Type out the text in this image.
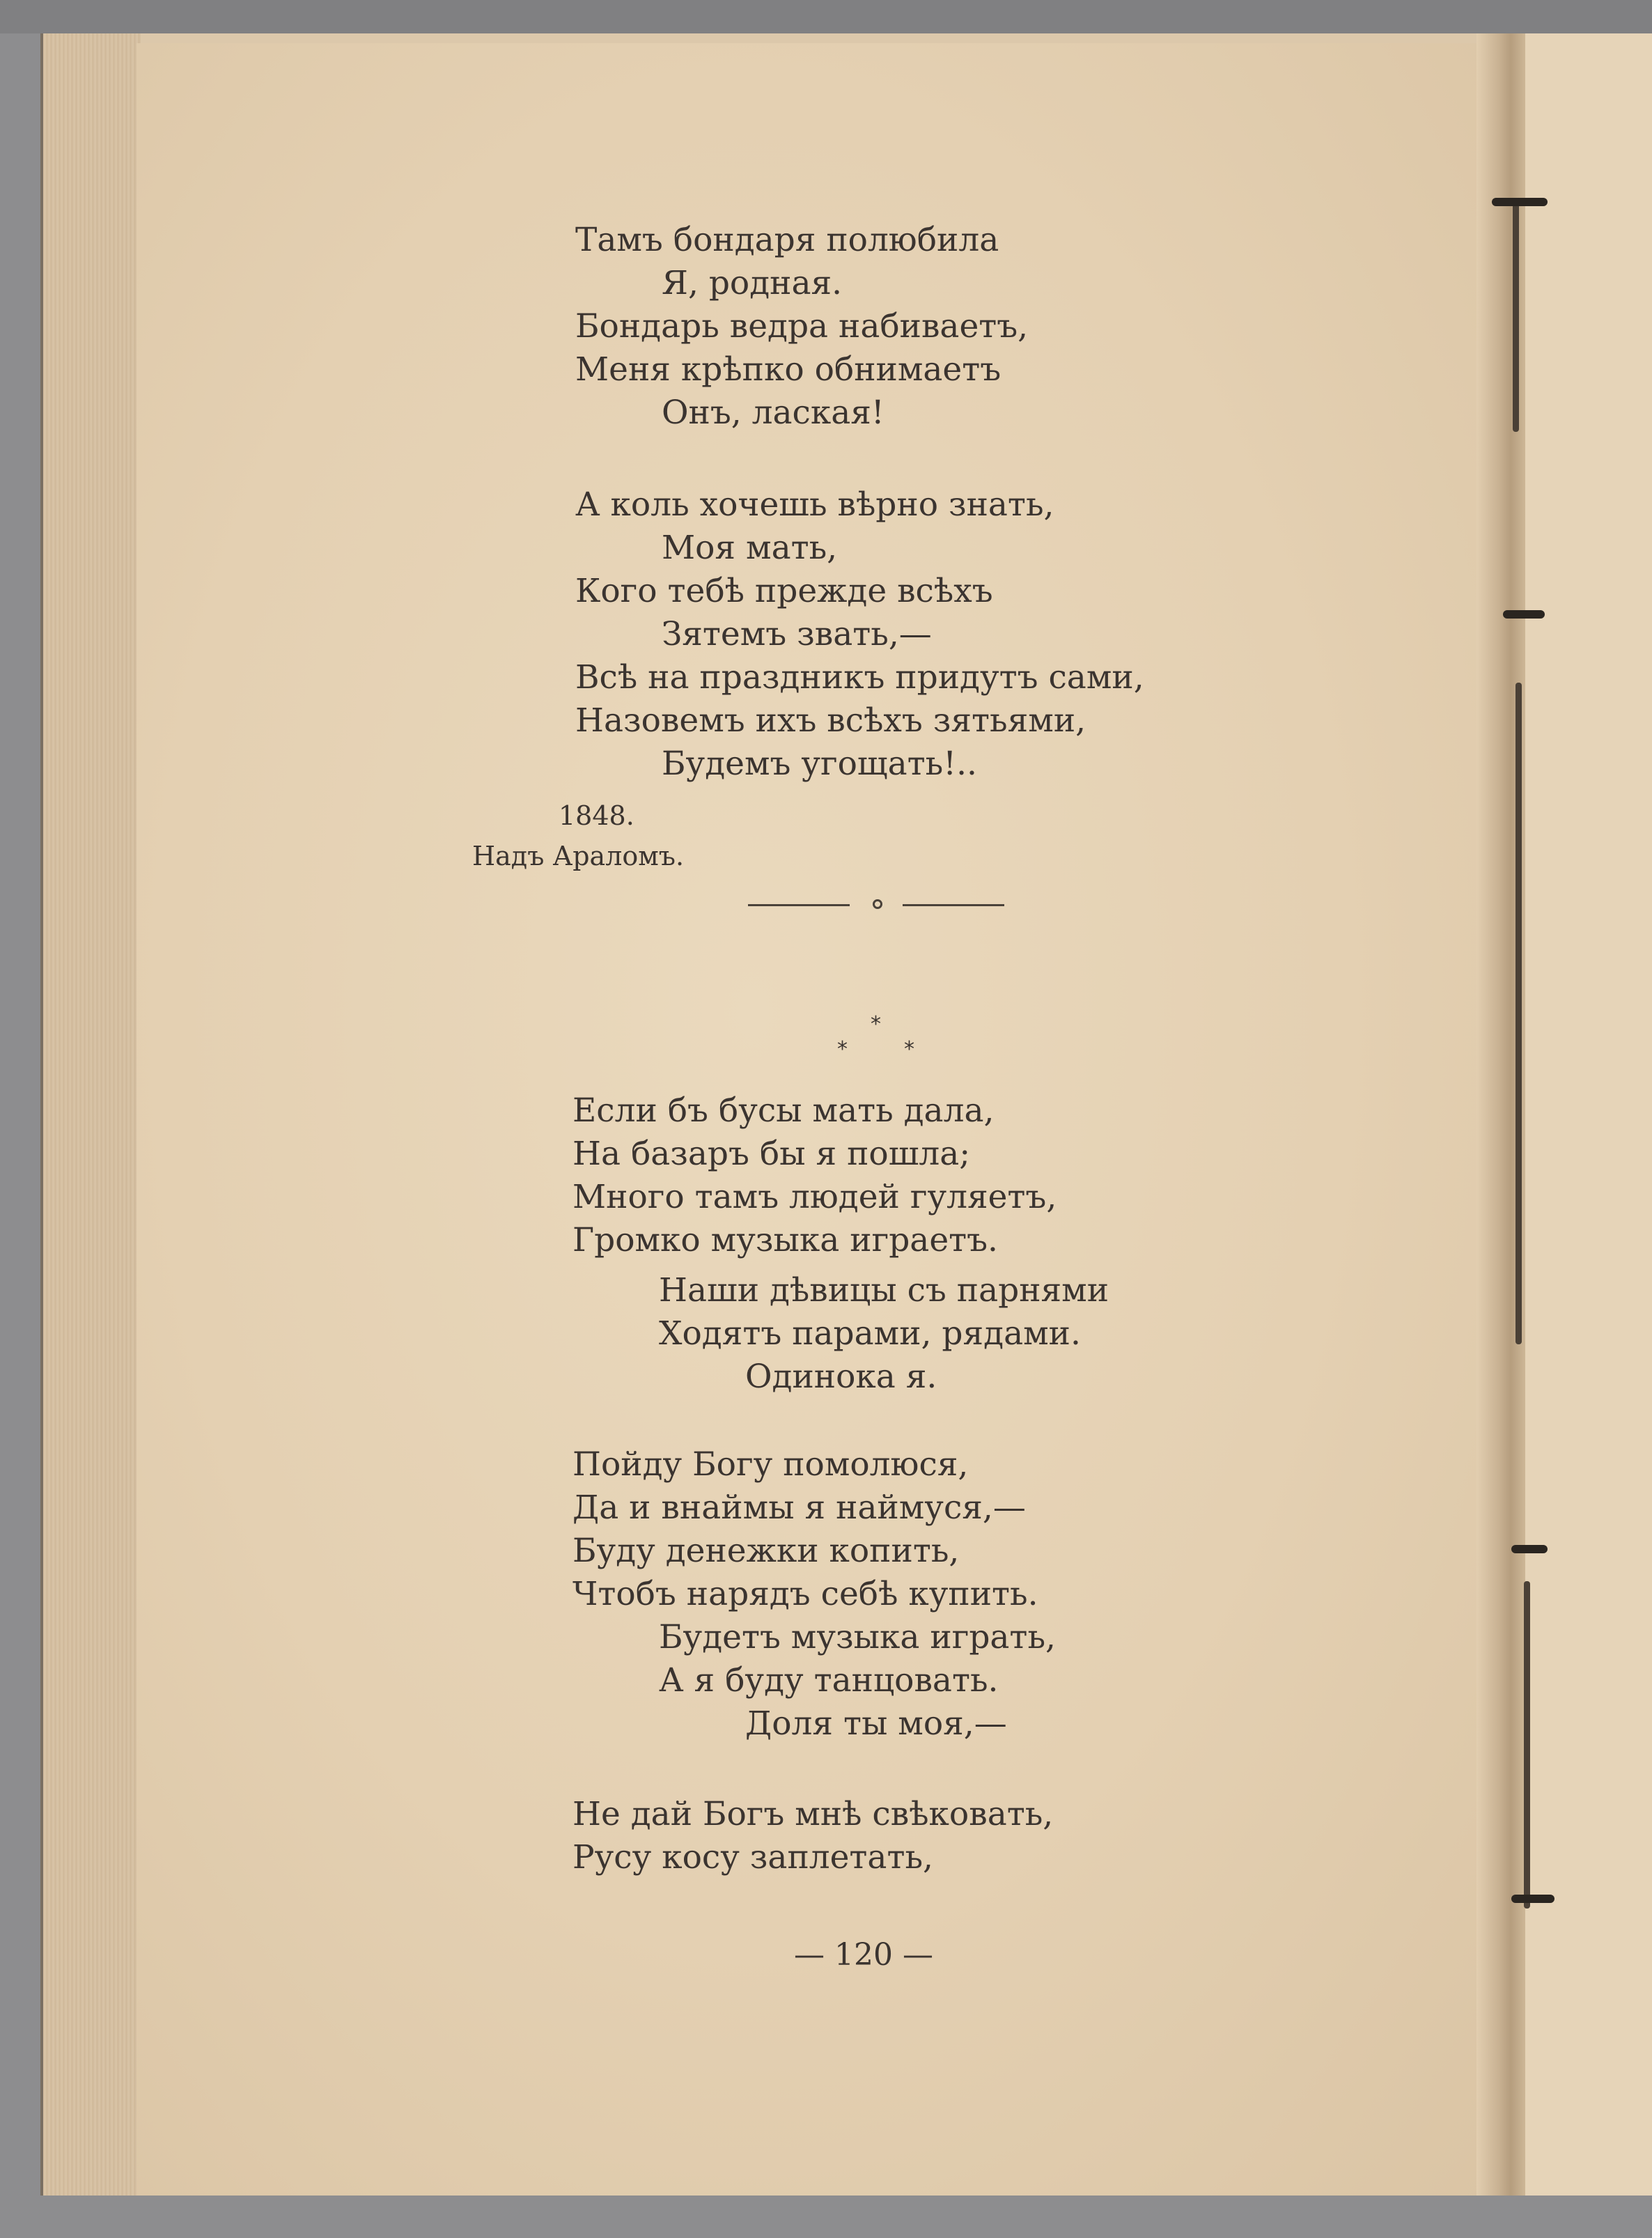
Тамъ бондаря полюбила

Я, родная.

Бондарь ведра набиваетъ,

Меня крѣпко обнимаетъ

Онъ, лаская!

А коль хочешь вѣрно знать,

Моя мать,

Кого тебѣ прежде всѣхъ

Зятемъ звать,—

Всѣ на праздникъ придутъ сами,

Назовемъ ихъ всѣхъ зятьями,

Будемъ угощать!..

1848.

Надъ Араломъ.

*
*	*

Если бъ бусы мать дала,

На базаръ бы я пошла;

Много тамъ людей гуляетъ,

Громко музыка играетъ.

Наши дѣвицы съ парнями

Ходятъ парами, рядами.

Одинока я.

Пойду Богу помолюся,

Да и внаймы я наймуся,—

Буду денежки копить,

Чтобъ нарядъ себѣ купить.

Будетъ музыка играть,

А я буду танцовать.

Доля ты моя,—

Не дай Богъ мнѣ свѣковать,

Русу косу заплетать,

— 120 —
